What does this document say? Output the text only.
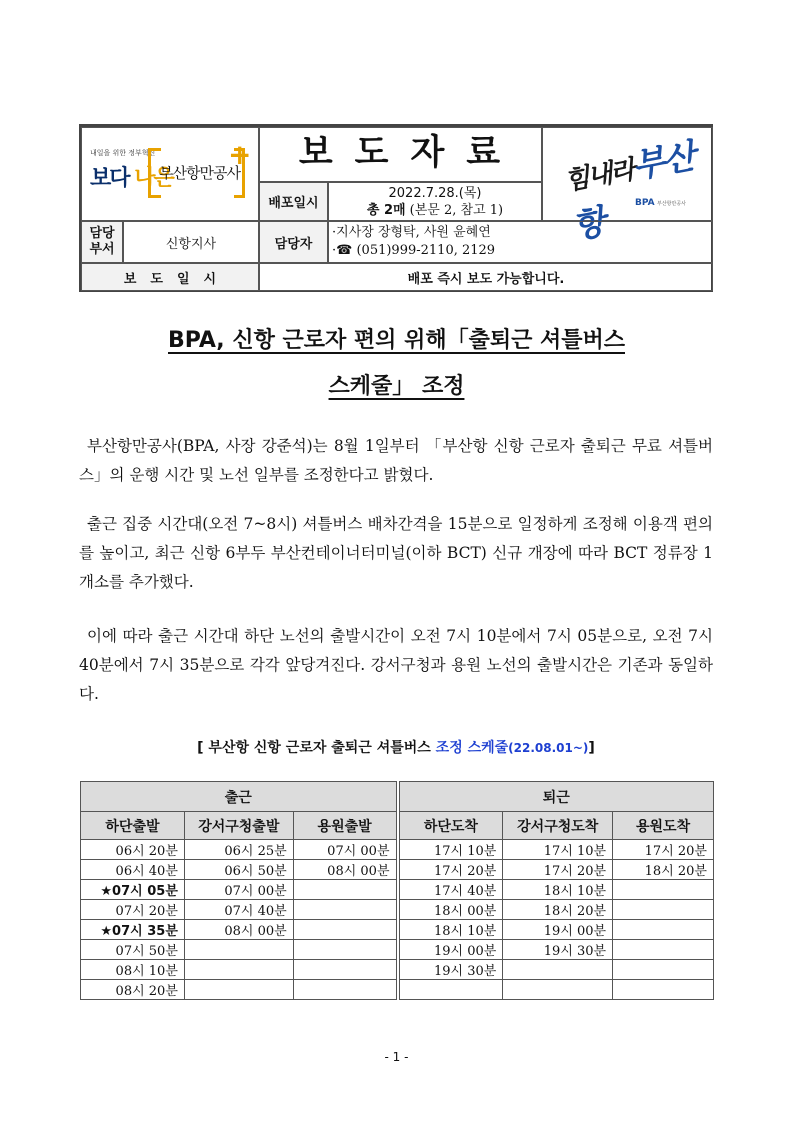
내일을 위한 정부혁신
보다 나은
+
부산항만공사	보도자료
힘내라부산항	BPA 부산항만공사
배포일시
2022.7.28.(목)
총 2매 (본문 2, 참고 1)
담당부서	신항지사	담당자
·지사장 장형탁, 사원 윤혜연
·☎ (051)999-2110, 2129
보도일시	배포 즉시 보도 가능합니다.
BPA, 신항 근로자 편의 위해「출퇴근 셔틀버스
스케줄」 조정
부산항만공사(BPA, 사장 강준석)는 8월 1일부터 「부산항 신항 근로자 출퇴근 무료 셔틀버스」의 운행 시간 및 노선 일부를 조정한다고 밝혔다.
출근 집중 시간대(오전 7~8시) 셔틀버스 배차간격을 15분으로 일정하게 조정해 이용객 편의를 높이고, 최근 신항 6부두 부산컨테이너터미널(이하 BCT) 신규 개장에 따라 BCT 정류장 1개소를 추가했다.
이에 따라 출근 시간대 하단 노선의 출발시간이 오전 7시 10분에서 7시 05분으로, 오전 7시 40분에서 7시 35분으로 각각 앞당겨진다. 강서구청과 용원 노선의 출발시간은 기존과 동일하다.
[ 부산항 신항 근로자 출퇴근 셔틀버스 조정 스케줄(22.08.01~)]
출근				퇴근		
하단출발	강서구청출발	용원출발		하단도착	강서구청도착	용원도착
06시 20분	06시 25분	07시 00분		17시 10분	17시 10분	17시 20분
06시 40분	06시 50분	08시 00분		17시 20분	17시 20분	18시 20분
★07시 05분	07시 00분			17시 40분	18시 10분	
07시 20분	07시 40분			18시 00분	18시 20분	
★07시 35분	08시 00분			18시 10분	19시 00분	
07시 50분				19시 00분	19시 30분	
08시 10분				19시 30분		
08시 20분						
- 1 -
